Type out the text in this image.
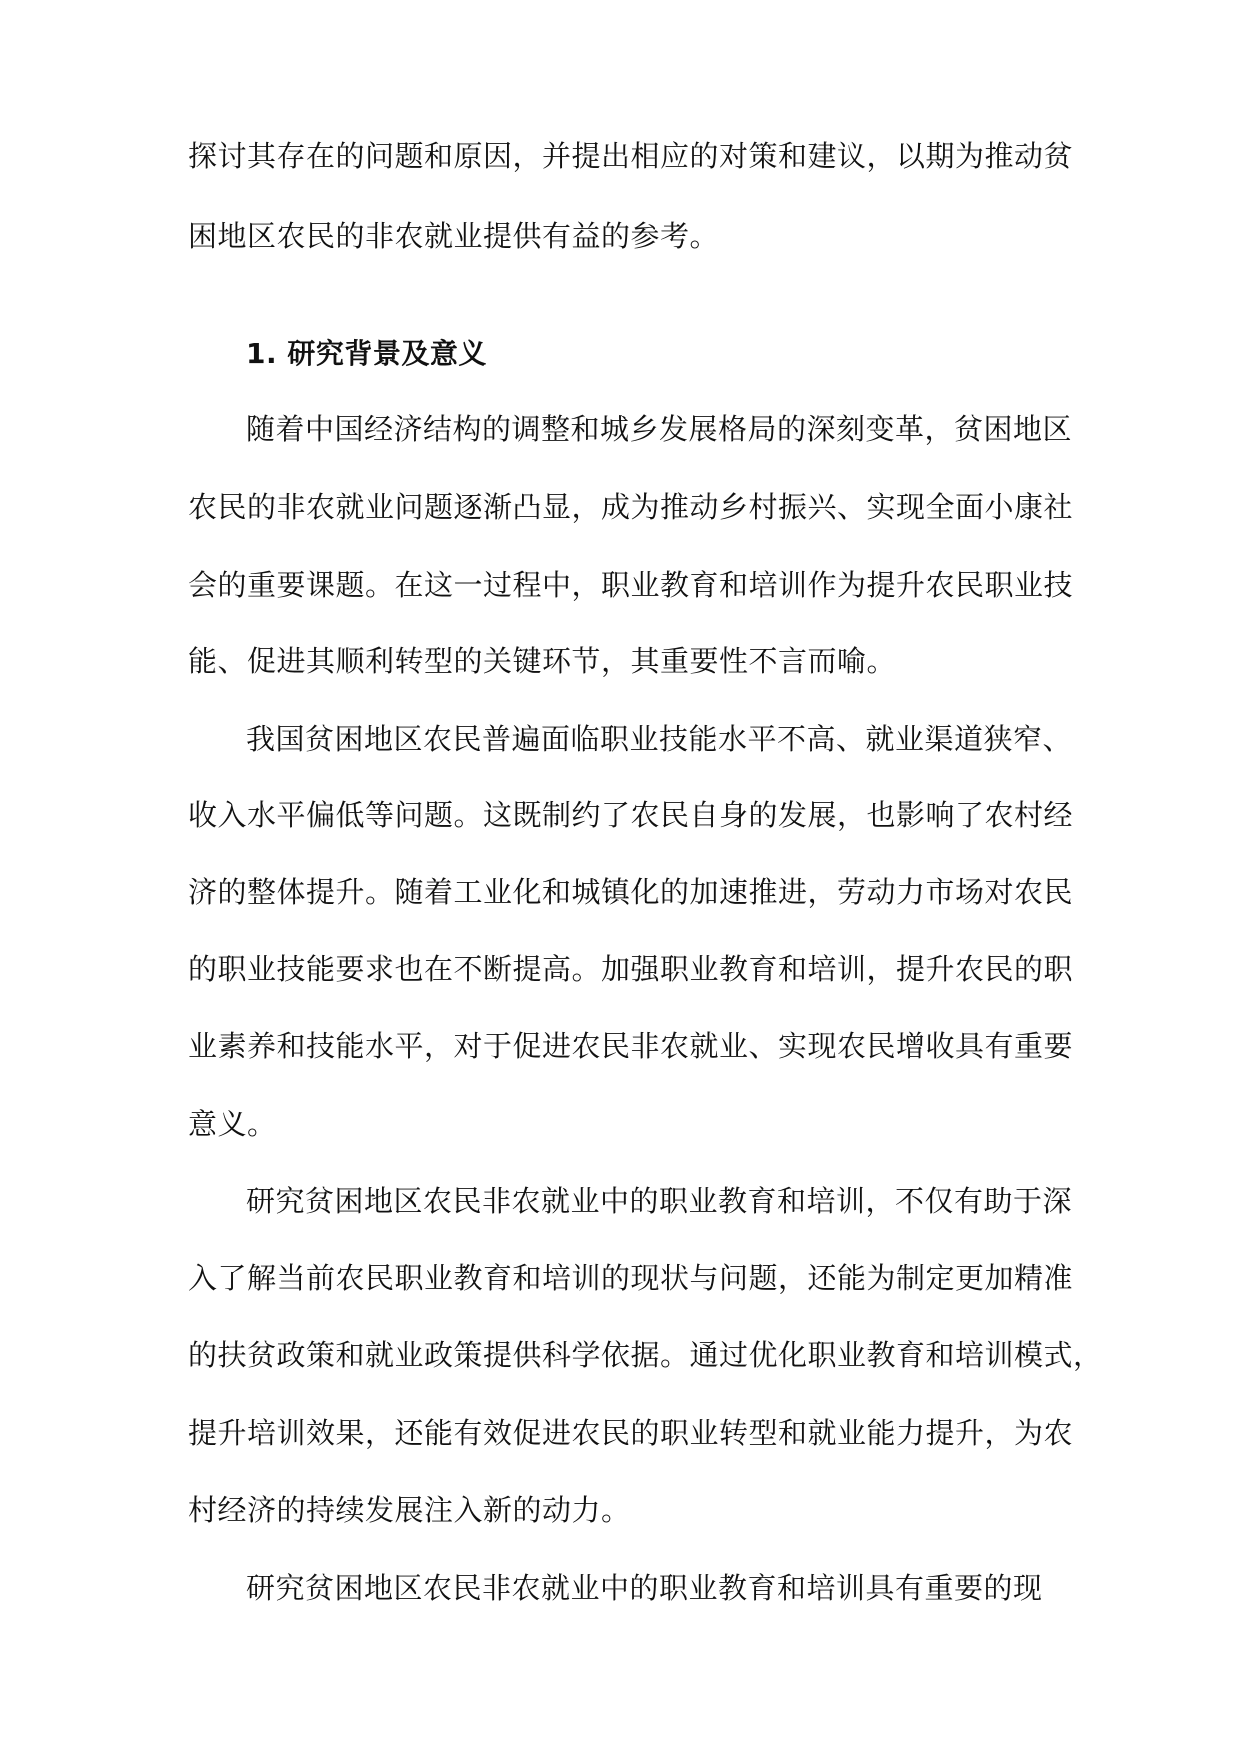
探讨其存在的问题和原因，并提出相应的对策和建议，以期为推动贫
困地区农民的非农就业提供有益的参考。
1. 研究背景及意义
随着中国经济结构的调整和城乡发展格局的深刻变革，贫困地区
农民的非农就业问题逐渐凸显，成为推动乡村振兴、实现全面小康社
会的重要课题。在这一过程中，职业教育和培训作为提升农民职业技
能、促进其顺利转型的关键环节，其重要性不言而喻。
我国贫困地区农民普遍面临职业技能水平不高、就业渠道狭窄、
收入水平偏低等问题。这既制约了农民自身的发展，也影响了农村经
济的整体提升。随着工业化和城镇化的加速推进，劳动力市场对农民
的职业技能要求也在不断提高。加强职业教育和培训，提升农民的职
业素养和技能水平，对于促进农民非农就业、实现农民增收具有重要
意义。
研究贫困地区农民非农就业中的职业教育和培训，不仅有助于深
入了解当前农民职业教育和培训的现状与问题，还能为制定更加精准
的扶贫政策和就业政策提供科学依据。通过优化职业教育和培训模式，
提升培训效果，还能有效促进农民的职业转型和就业能力提升，为农
村经济的持续发展注入新的动力。
研究贫困地区农民非农就业中的职业教育和培训具有重要的现
